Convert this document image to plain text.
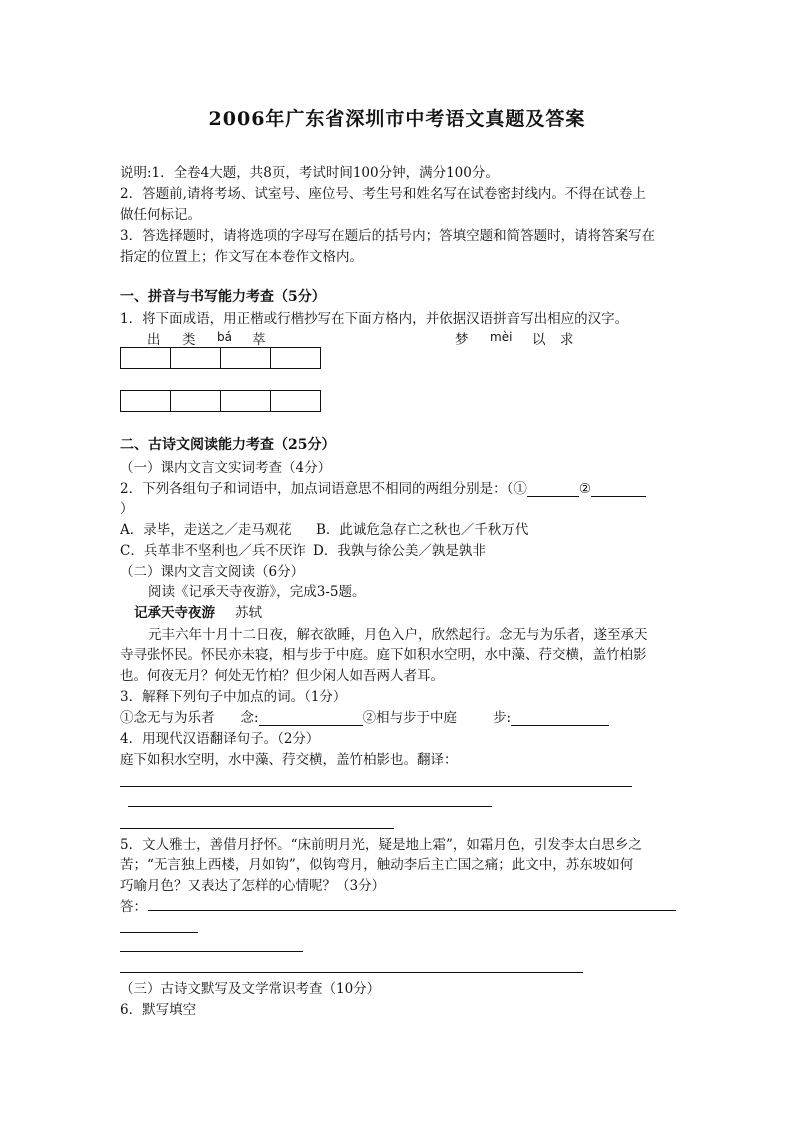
2006年广东省深圳市中考语文真题及答案
说明:1．全卷4大题，共8页，考试时间100分钟，满分100分。
2．答题前,请将考场、试室号、座位号、考生号和姓名写在试卷密封线内。不得在试卷上
做任何标记。
3．答选择题时，请将选项的字母写在题后的括号内；答填空题和简答题时，请将答案写在
指定的位置上；作文写在本卷作文格内。
一、拼音与书写能力考查（5分）
1．将下面成语，用正楷或行楷抄写在下面方格内，并依据汉语拼音写出相应的汉字。
出 类 bá 萃	梦 mèi 以 求
二、古诗文阅读能力考查（25分）
（一）课内文言文实词考查（4分）
2．下列各组句子和词语中，加点词语意思不相同的两组分别是：（①	②
）
A．录毕，走送之／走马观花 B．此诚危急存亡之秋也／千秋万代
C．兵革非不坚利也／兵不厌诈 D．我孰与徐公美／孰是孰非
（二）课内文言文阅读（6分）
阅读《记承天寺夜游》，完成3-5题。
记承天寺夜游 苏轼
元丰六年十月十二日夜，解衣欲睡，月色入户，欣然起行。念无与为乐者，遂至承天
寺寻张怀民。怀民亦未寝，相与步于中庭。庭下如积水空明，水中藻、荇交横，盖竹柏影
也。何夜无月？何处无竹柏？但少闲人如吾两人者耳。
3．解释下列句子中加点的词。（1分）
①念无与为乐者 念:	②相与步于中庭	步:
4．用现代汉语翻译句子。（2分）
庭下如积水空明，水中藻、荇交横，盖竹柏影也。翻译：
5．文人雅士，善借月抒怀。“床前明月光，疑是地上霜”，如霜月色，引发李太白思乡之
苦；“无言独上西楼，月如钩”，似钩弯月，触动李后主亡国之痛；此文中，苏东坡如何
巧喻月色？又表达了怎样的心情呢？（3分）
答：
（三）古诗文默写及文学常识考查（10分）
6．默写填空
